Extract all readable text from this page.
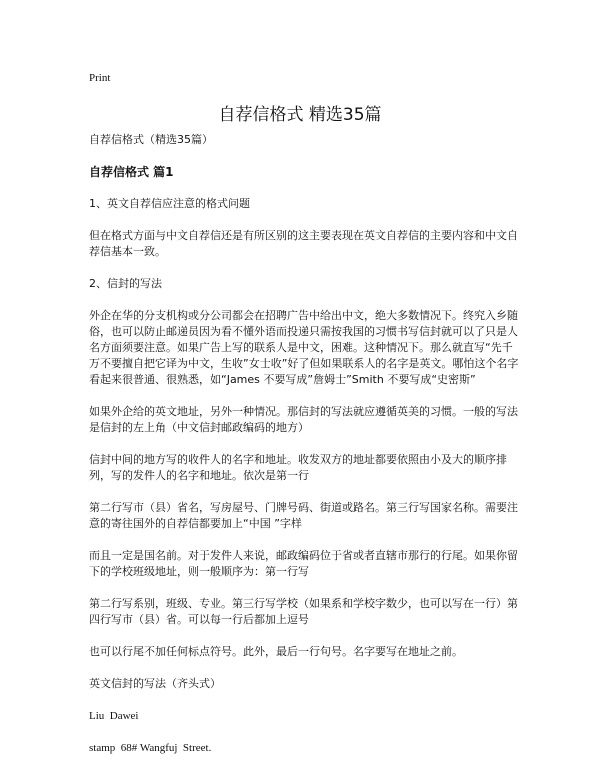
Print
自荐信格式 精选35篇

自荐信格式（精选35篇）

自荐信格式 篇1

1、英文自荐信应注意的格式问题

但在格式方面与中文自荐信还是有所区别的这主要表现在英文自荐信的主要内容和中文自荐信基本一致。

2、信封的写法

外企在华的分支机构或分公司都会在招聘广告中给出中文，绝大多数情况下。终究入乡随俗，也可以防止邮递员因为看不懂外语而投递只需按我国的习惯书写信封就可以了只是人名方面须要注意。如果广告上写的联系人是中文，困难。这种情况下。那么就直写“先千万不要擅自把它译为中文，生收”女士收”好了但如果联系人的名字是英文。哪怕这个名字看起来很普通、很熟悉，如“James 不要写成”詹姆士”Smith 不要写成“史密斯”

如果外企给的英文地址，另外一种情况。那信封的写法就应遵循英美的习惯。一般的写法是信封的左上角（中文信封邮政编码的地方）

信封中间的地方写的收件人的名字和地址。收发双方的地址都要依照由小及大的顺序排列，写的发件人的名字和地址。依次是第一行

第二行写市（县）省名，写房屋号、门牌号码、街道或路名。第三行写国家名称。需要注意的寄往国外的自荐信都要加上“中国 ”字样

而且一定是国名前。对于发件人来说，邮政编码位于省或者直辖市那行的行尾。如果你留下的学校班级地址，则一般顺序为：第一行写

第二行写系别，班级、专业。第三行写学校（如果系和学校字数少，也可以写在一行）第四行写市（县）省。可以每一行后都加上逗号

也可以行尾不加任何标点符号。此外，最后一行句号。名字要写在地址之前。

英文信封的写法（齐头式）

Liu  Dawei

stamp  68# Wangfuj  Street.
